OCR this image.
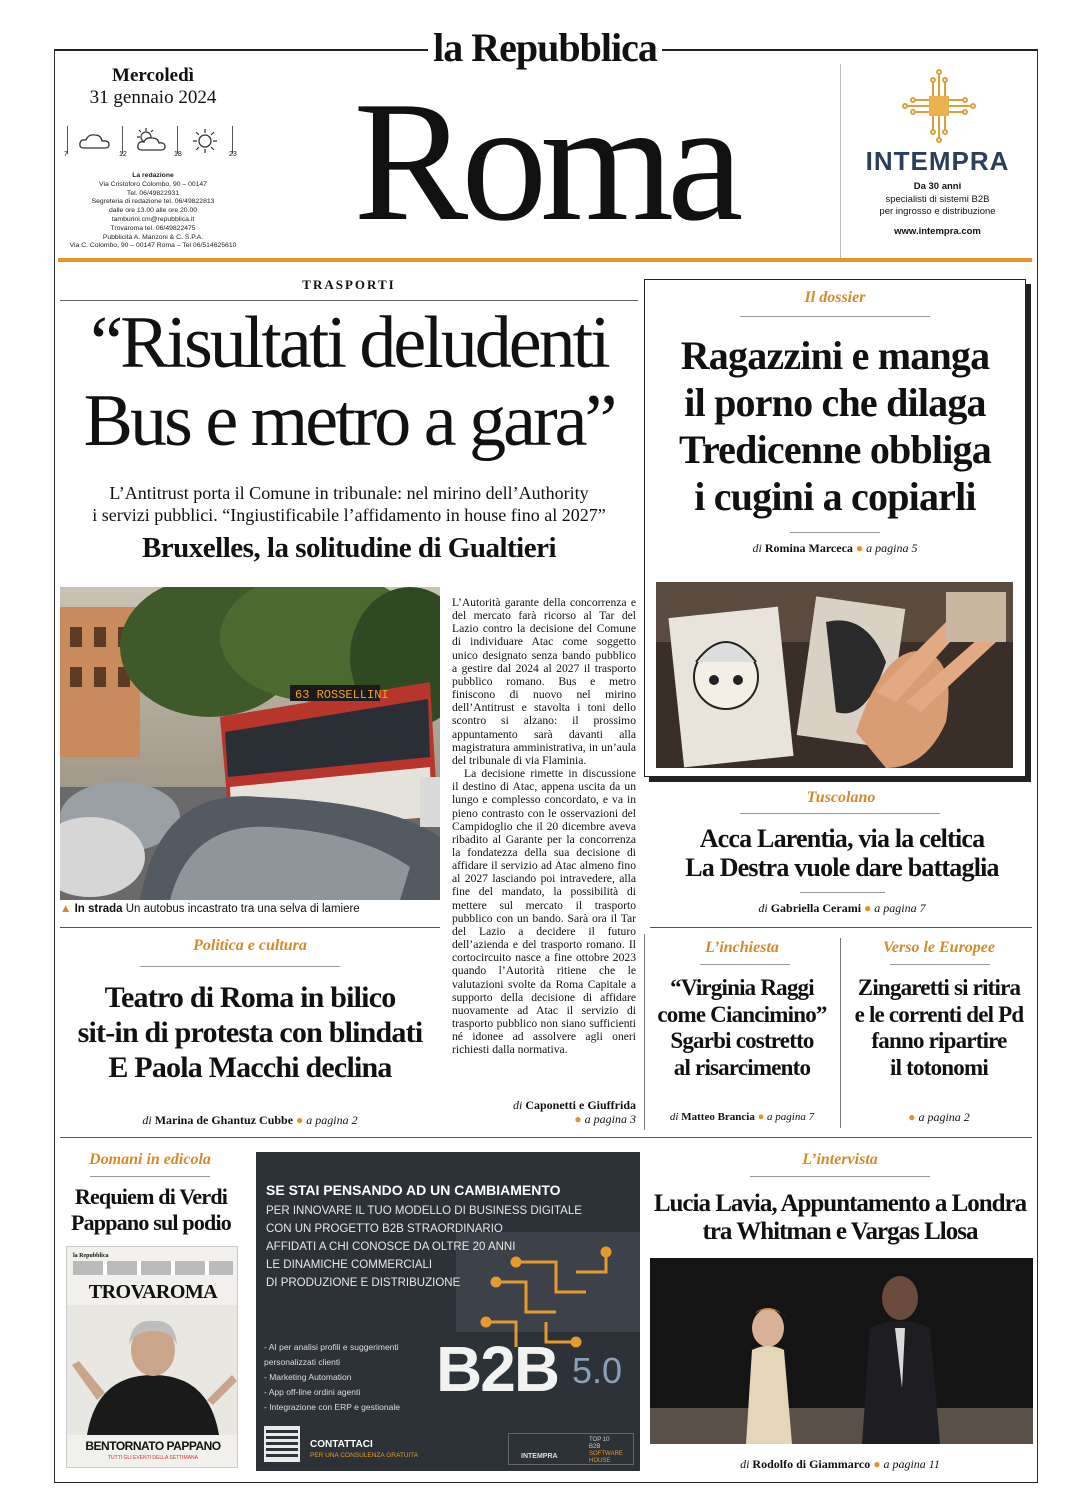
la Repubblica
Mercoledì
31 gennaio 2024
7	12	18	23
La redazione
Via Cristoforo Colombo, 90 – 00147
Tel. 06/49822931
Segreteria di redazione tel. 06/49822813
dalle ore 13.00 alle ore 20.00
tamburini.cm@repubblica.it
Trovaroma tel. 06/49822475
Pubblicità A. Manzoni & C. S.P.A.
Via C. Colombo, 90 – 00147 Roma – Tel 06/514625610 Roma	INTEMPRA
Da 30 anni
specialisti di sistemi B2B
per ingrosso e distribuzione
www.intempra.com
TRASPORTI
“Risultati deludenti
Bus e metro a gara”
L’Antitrust porta il Comune in tribunale: nel mirino dell’Authority
i servizi pubblici. “Ingiustificabile l’affidamento in house fino al 2027”
Bruxelles, la solitudine di Gualtieri
63 ROSSELLINI
▲ In strada Un autobus incastrato tra una selva di lamiere

L’Autorità garante della concorrenza e del mercato farà ricorso al Tar del Lazio contro la decisione del Comune di individuare Atac come soggetto unico designato senza bando pubblico a gestire dal 2024 al 2027 il trasporto pubblico romano. Bus e metro finiscono di nuovo nel mirino dell’Antitrust e stavolta i toni dello scontro si alzano: il prossimo appuntamento sarà davanti alla magistratura amministrativa, in un’aula del tribunale di via Flaminia.

La decisione rimette in discussione il destino di Atac, appena uscita da un lungo e complesso concordato, e va in pieno contrasto con le osservazioni del Campidoglio che il 20 dicembre aveva ribadito al Garante per la concorrenza la fondatezza della sua decisione di affidare il servizio ad Atac almeno fino al 2027 lasciando poi intravedere, alla fine del mandato, la possibilità di mettere sul mercato il trasporto pubblico con un bando. Sarà ora il Tar del Lazio a decidere il futuro dell’azienda e del trasporto romano. Il cortocircuito nasce a fine ottobre 2023 quando l’Autorità ritiene che le valutazioni svolte da Roma Capitale a supporto della decisione di affidare nuovamente ad Atac il servizio di trasporto pubblico non siano sufficienti né idonee ad assolvere agli oneri richiesti dalla normativa.

di Caponetti e Giuffrida
● a pagina 3
Il dossier
Ragazzini e manga
il porno che dilaga
Tredicenne obbliga
i cugini a copiarli
di Romina Marceca ● a pagina 5
Tuscolano
Acca Larentia, via la celtica
La Destra vuole dare battaglia
di Gabriella Cerami ● a pagina 7
Politica e cultura
Teatro di Roma in bilico
sit-in di protesta con blindati
E Paola Macchi declina
di Marina de Ghantuz Cubbe ● a pagina 2
L’inchiesta
“Virginia Raggi
come Ciancimino”
Sgarbi costretto
al risarcimento
di Matteo Brancia ● a pagina 7
Verso le Europee
Zingaretti si ritira
e le correnti del Pd
fanno ripartire
il totonomi
● a pagina 2
Domani in edicola
Requiem di Verdi
Pappano sul podio
la Repubblica
TROVAROMA
BENTORNATO PAPPANO
TUTTI GLI EVENTI DELLA SETTIMANA
SE STAI PENSANDO AD UN CAMBIAMENTO
PER INNOVARE IL TUO MODELLO DI BUSINESS DIGITALE
CON UN PROGETTO B2B STRAORDINARIO
AFFIDATI A CHI CONOSCE DA OLTRE 20 ANNI
LE DINAMICHE COMMERCIALI
DI PRODUZIONE E DISTRIBUZIONE
- AI per analisi profili e suggerimenti
personalizzati clienti
- Marketing Automation
- App off-line ordini agenti
- Integrazione con ERP e gestionale
B2B 5.0
CONTATTACI
PER UNA CONSULENZA GRATUITA	INTEMPRA
TOP 10
B2B
SOFTWARE HOUSE
L’intervista
Lucia Lavia, Appuntamento a Londra
tra Whitman e Vargas Llosa
di Rodolfo di Giammarco ● a pagina 11
